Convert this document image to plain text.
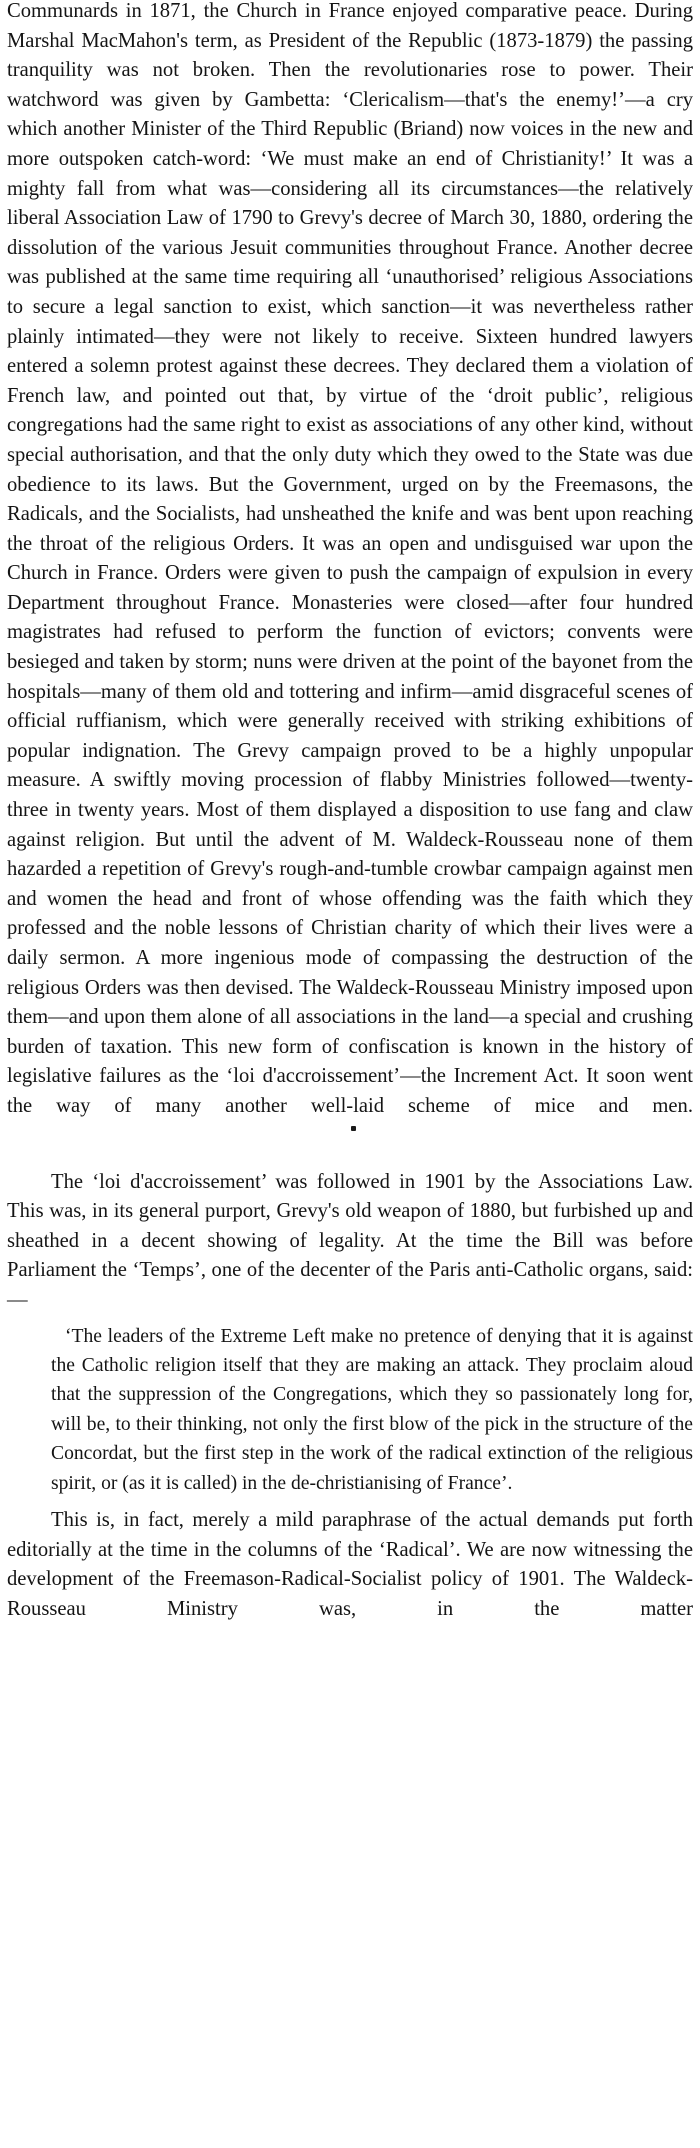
Communards in 1871, the Church in France enjoyed comparative peace. During Marshal MacMahon's term, as President of the Republic (1873-1879) the passing tranquility was not broken. Then the revolutionaries rose to power. Their watchword was given by Gambetta: ‘Clericalism—that's the enemy!’—a cry which another Minister of the Third Republic (Briand) now voices in the new and more outspoken catch-word: ‘We must make an end of Christianity!’ It was a mighty fall from what was—considering all its circumstances—the relatively liberal Association Law of 1790 to Grevy's decree of March 30, 1880, ordering the dissolution of the various Jesuit communities throughout France. Another decree was published at the same time requiring all ‘unauthorised’ religious Associations to secure a legal sanction to exist, which sanction—it was nevertheless rather plainly intimated—they were not likely to receive. Sixteen hundred lawyers entered a solemn protest against these decrees. They declared them a violation of French law, and pointed out that, by virtue of the ‘droit public’, religious congregations had the same right to exist as associations of any other kind, without special authorisation, and that the only duty which they owed to the State was due obedience to its laws. But the Government, urged on by the Freemasons, the Radicals, and the Socialists, had unsheathed the knife and was bent upon reaching the throat of the religious Orders. It was an open and undisguised war upon the Church in France. Orders were given to push the campaign of expulsion in every Department throughout France. Monasteries were closed—after four hundred magistrates had refused to perform the function of evictors; convents were besieged and taken by storm; nuns were driven at the point of the bayonet from the hospitals—many of them old and tottering and infirm—amid disgraceful scenes of official ruffianism, which were generally received with striking exhibitions of popular indignation. The Grevy campaign proved to be a highly unpopular measure. A swiftly moving procession of flabby Ministries followed—twenty-three in twenty years. Most of them displayed a disposition to use fang and claw against religion. But until the advent of M. Waldeck-Rousseau none of them hazarded a repetition of Grevy's rough-and-tumble crowbar campaign against men and women the head and front of whose offending was the faith which they professed and the noble lessons of Christian charity of which their lives were a daily sermon. A more ingenious mode of compassing the destruction of the religious Orders was then devised. The Waldeck-Rousseau Ministry imposed upon them—and upon them alone of all associations in the land—a special and crushing burden of taxation. This new form of confiscation is known in the history of legislative failures as the ‘loi d'accroissement’—the Increment Act. It soon went the way of many another well-laid scheme of mice and men.

The ‘loi d'accroissement’ was followed in 1901 by the Associations Law. This was, in its general purport, Grevy's old weapon of 1880, but furbished up and sheathed in a decent showing of legality. At the time the Bill was before Parliament the ‘Temps’, one of the decenter of the Paris anti-Catholic organs, said:—

‘The leaders of the Extreme Left make no pretence of denying that it is against the Catholic religion itself that they are making an attack. They proclaim aloud that the suppression of the Congregations, which they so passionately long for, will be, to their thinking, not only the first blow of the pick in the structure of the Concordat, but the first step in the work of the radical extinction of the religious spirit, or (as it is called) in the de-christianising of France’.

This is, in fact, merely a mild paraphrase of the actual demands put forth editorially at the time in the columns of the ‘Radical’. We are now witnessing the development of the Freemason-Radical-Socialist policy of 1901. The Waldeck-Rousseau Ministry was, in the matter
